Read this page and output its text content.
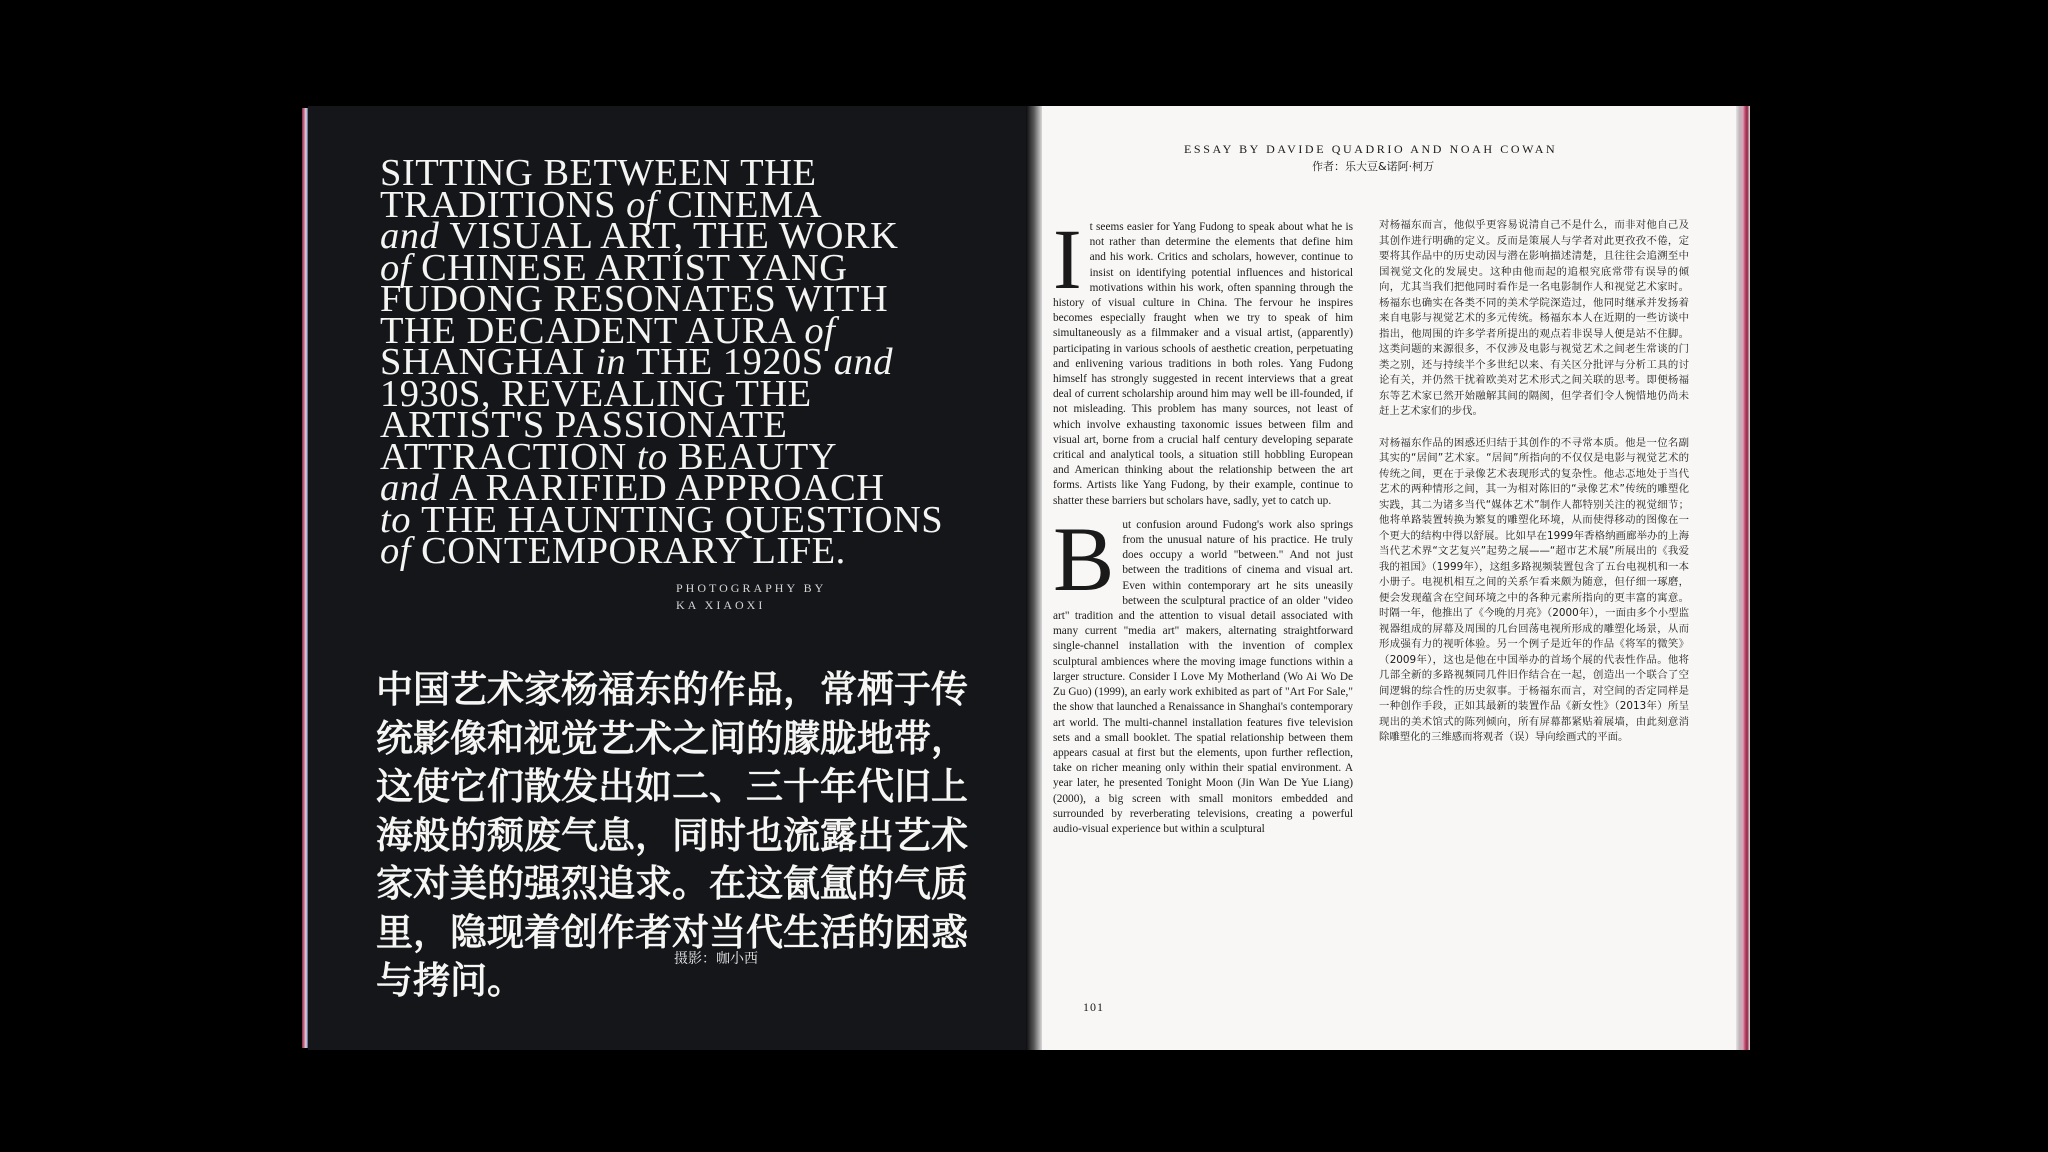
SITTING BETWEEN THE
TRADITIONS of CINEMA
and VISUAL ART, THE WORK
of CHINESE ARTIST YANG
FUDONG RESONATES WITH
THE DECADENT AURA of
SHANGHAI in THE 1920S and
1930S, REVEALING THE
ARTIST'S PASSIONATE
ATTRACTION to BEAUTY
and A RARIFIED APPROACH
to THE HAUNTING QUESTIONS
of CONTEMPORARY LIFE.
PHOTOGRAPHY BY
KA XIAOXI
中国艺术家杨福东的作品，常栖于传统影像和视觉艺术之间的朦胧地带，这使它们散发出如二、三十年代旧上海般的颓废气息，同时也流露出艺术家对美的强烈追求。在这氤氲的气质里，隐现着创作者对当代生活的困惑与拷问。	摄影：咖小西
ESSAY BY DAVIDE QUADRIO AND NOAH COWAN
作者：乐大豆&诺阿·柯万

It seems easier for Yang Fudong to speak about what he is not rather than determine the elements that define him and his work. Critics and scholars, however, continue to insist on identifying potential influences and historical motivations within his work, often spanning through the history of visual culture in China. The fervour he inspires becomes especially fraught when we try to speak of him simultaneously as a filmmaker and a visual artist, (apparently) participating in various schools of aesthetic creation, perpetuating and enlivening various traditions in both roles. Yang Fudong himself has strongly suggested in recent interviews that a great deal of current scholarship around him may well be ill-founded, if not misleading. This problem has many sources, not least of which involve exhausting taxonomic issues between film and visual art, borne from a crucial half century developing separate critical and analytical tools, a situation still hobbling European and American thinking about the relationship between the art forms. Artists like Yang Fudong, by their example, continue to shatter these barriers but scholars have, sadly, yet to catch up.

But confusion around Fudong's work also springs from the unusual nature of his practice. He truly does occupy a world "between." And not just between the traditions of cinema and visual art. Even within contemporary art he sits uneasily between the sculptural practice of an older "video art" tradition and the attention to visual detail associated with many current "media art" makers, alternating straightforward single-channel installation with the invention of complex sculptural ambiences where the moving image functions within a larger structure. Consider I Love My Motherland (Wo Ai Wo De Zu Guo) (1999), an early work exhibited as part of "Art For Sale," the show that launched a Renaissance in Shanghai's contemporary art world. The multi-channel installation features five television sets and a small booklet. The spatial relationship between them appears casual at first but the elements, upon further reflection, take on richer meaning only within their spatial environment. A year later, he presented Tonight Moon (Jin Wan De Yue Liang) (2000), a big screen with small monitors embedded and surrounded by reverberating televisions, creating a powerful audio-visual experience but within a sculptural

对杨福东而言，他似乎更容易说清自己不是什么，而非对他自己及其创作进行明确的定义。反而是策展人与学者对此更孜孜不倦，定要将其作品中的历史动因与潜在影响描述清楚，且往往会追溯至中国视觉文化的发展史。这种由他而起的追根究底常带有误导的倾向，尤其当我们把他同时看作是一名电影制作人和视觉艺术家时。杨福东也确实在各类不同的美术学院深造过，他同时继承并发扬着来自电影与视觉艺术的多元传统。杨福东本人在近期的一些访谈中指出，他周围的许多学者所提出的观点若非误导人便是站不住脚。这类问题的来源很多，不仅涉及电影与视觉艺术之间老生常谈的门类之别，还与持续半个多世纪以来、有关区分批评与分析工具的讨论有关，并仍然干扰着欧美对艺术形式之间关联的思考。即便杨福东等艺术家已然开始融解其间的隔阂，但学者们令人惋惜地仍尚未赶上艺术家们的步伐。

对杨福东作品的困惑还归结于其创作的不寻常本质。他是一位名副其实的“居间”艺术家。“居间”所指向的不仅仅是电影与视觉艺术的传统之间，更在于录像艺术表现形式的复杂性。他忐忑地处于当代艺术的两种情形之间，其一为相对陈旧的“录像艺术”传统的雕塑化实践，其二为诸多当代“媒体艺术”制作人都特别关注的视觉细节；他将单路装置转换为繁复的雕塑化环境，从而使得移动的图像在一个更大的结构中得以舒展。比如早在1999年香格纳画廊举办的上海当代艺术界“文艺复兴”起势之展——“超市艺术展”所展出的《我爱我的祖国》（1999年），这组多路视频装置包含了五台电视机和一本小册子。电视机相互之间的关系乍看来颇为随意，但仔细一琢磨，便会发现蕴含在空间环境之中的各种元素所指向的更丰富的寓意。时隔一年，他推出了《今晚的月亮》（2000年），一面由多个小型监视器组成的屏幕及周围的几台回荡电视所形成的雕塑化场景，从而形成强有力的视听体验。另一个例子是近年的作品《将军的微笑》（2009年），这也是他在中国举办的首场个展的代表性作品。他将几部全新的多路视频同几件旧作结合在一起，创造出一个联合了空间逻辑的综合性的历史叙事。于杨福东而言，对空间的否定同样是一种创作手段，正如其最新的装置作品《新女性》（2013年）所呈现出的美术馆式的陈列倾向，所有屏幕都紧贴着展墙，由此刻意消除雕塑化的三维感而将观者（误）导向绘画式的平面。

101
